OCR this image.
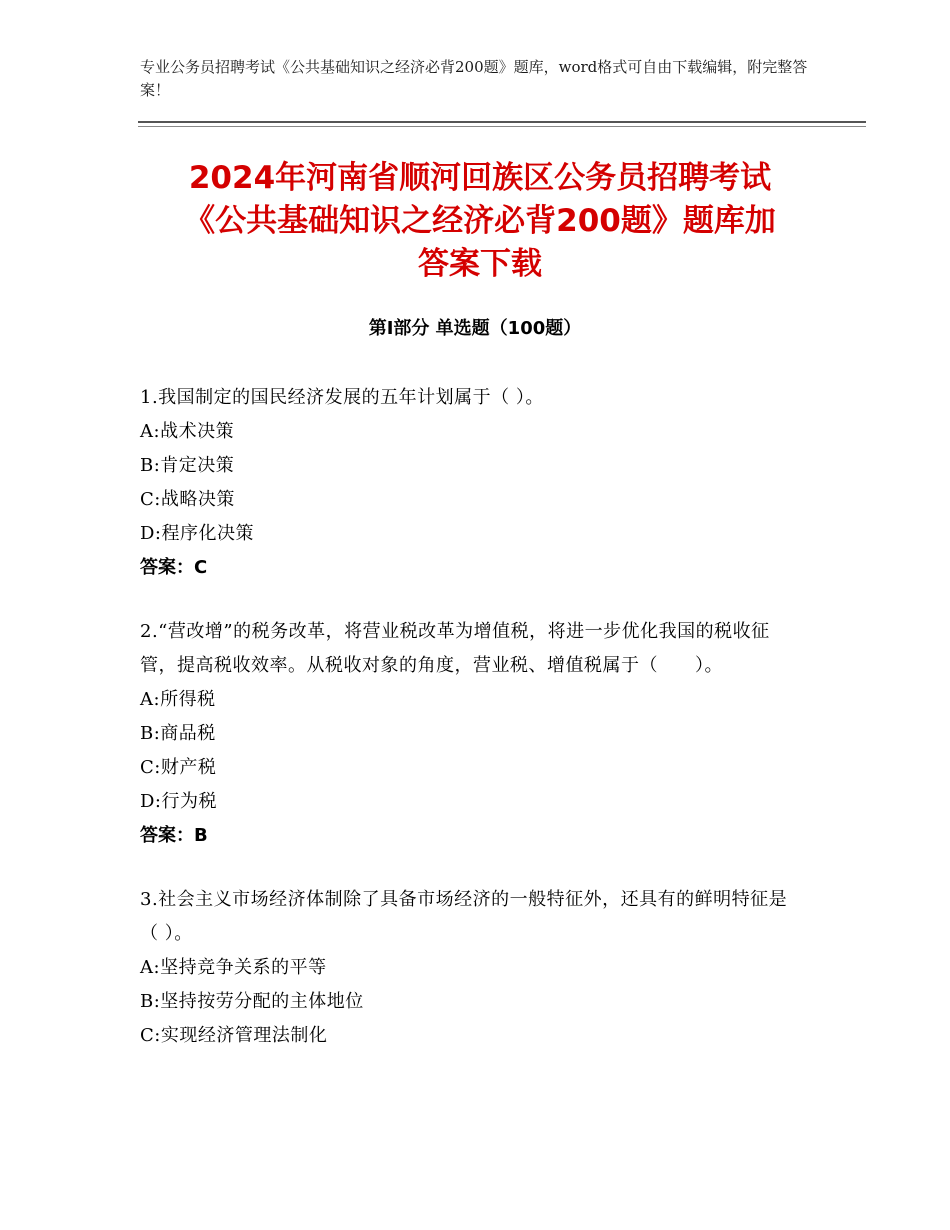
专业公务员招聘考试《公共基础知识之经济必背200题》题库，word格式可自由下载编辑，附完整答案！
2024年河南省顺河回族区公务员招聘考试
《公共基础知识之经济必背200题》题库加
答案下载
第Ⅰ部分 单选题（100题）
1.我国制定的国民经济发展的五年计划属于（ ）。
A:战术决策
B:肯定决策
C:战略决策
D:程序化决策
答案：C
2.“营改增”的税务改革，将营业税改革为增值税，将进一步优化我国的税收征管，提高税收效率。从税收对象的角度，营业税、增值税属于（　　）。
A:所得税
B:商品税
C:财产税
D:行为税
答案：B
3.社会主义市场经济体制除了具备市场经济的一般特征外，还具有的鲜明特征是（ ）。
A:坚持竞争关系的平等
B:坚持按劳分配的主体地位
C:实现经济管理法制化
